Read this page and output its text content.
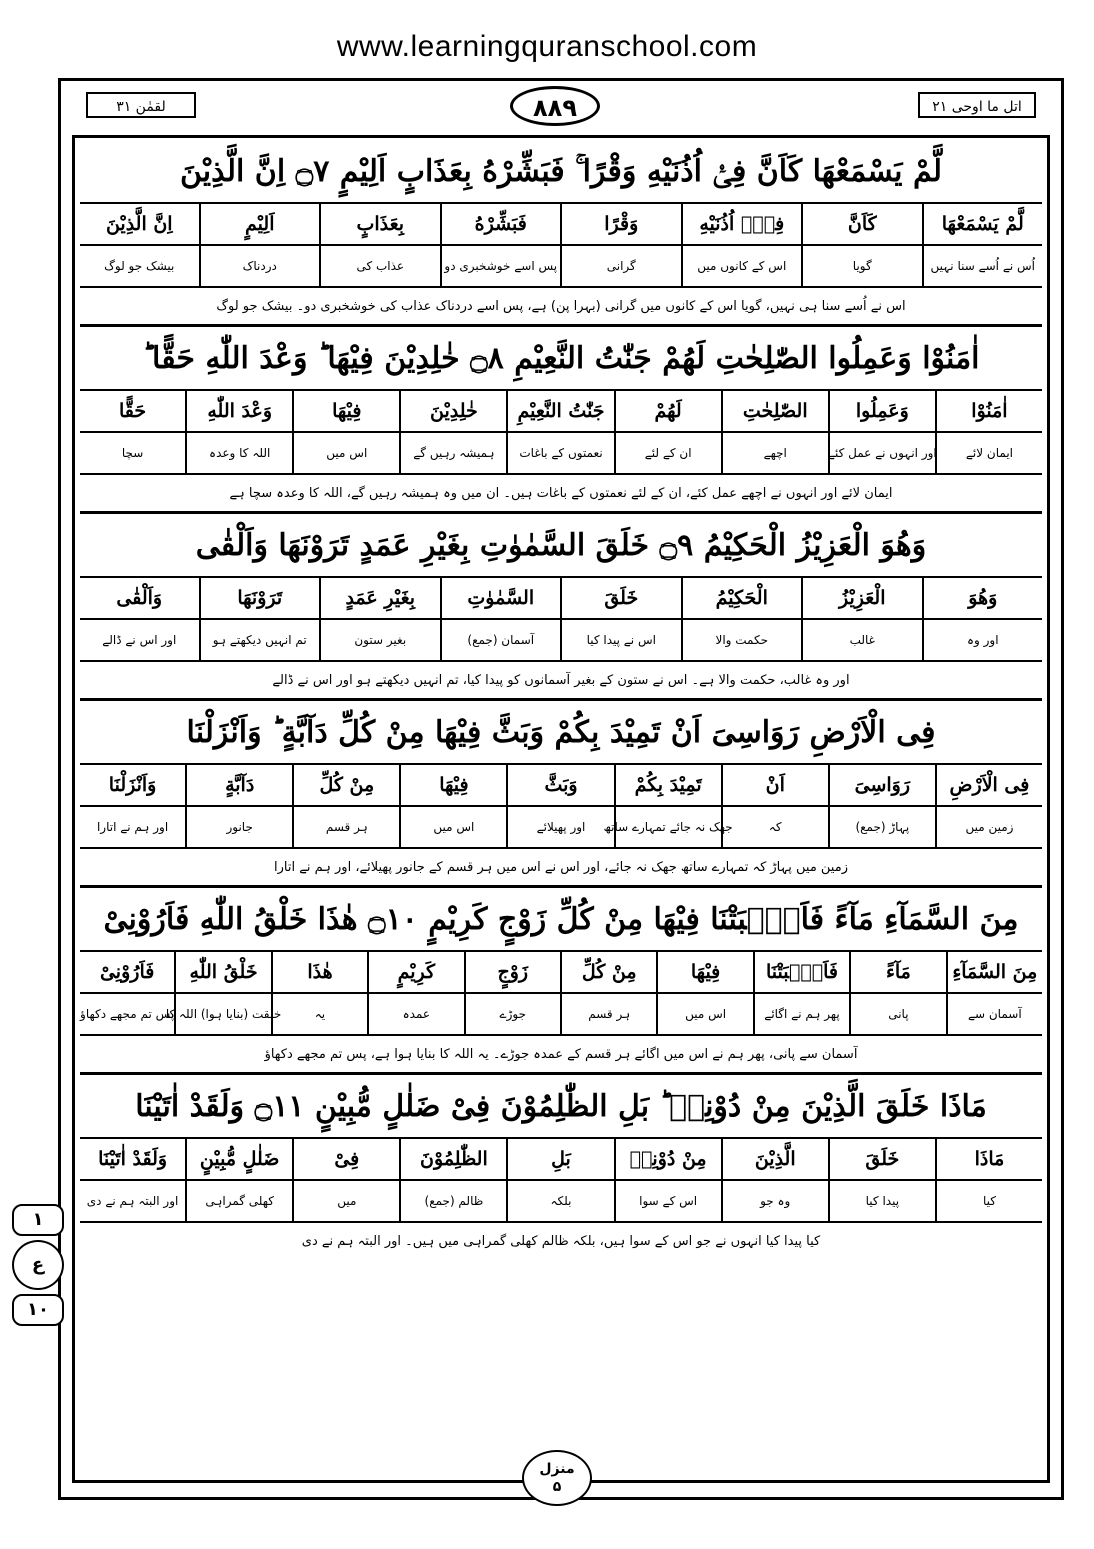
www.learningquranschool.com
لقمٰن ۳۱	۸۸۹	اتل ما اوحی ۲۱
۱
ع
۱۰
لَّمْ یَسْمَعْهَا كَاَنَّ فِیْۤ اُذُنَیْهِ وَقْرًا ۚ فَبَشِّرْهُ بِعَذَابٍ اَلِیْمٍ ۝۷ اِنَّ الَّذِیْنَ
لَّمْ یَسْمَعْهَا
كَاَنَّ
فِیْۤ اُذُنَیْهِ
وَقْرًا
فَبَشِّرْهُ
بِعَذَابٍ
اَلِیْمٍ
اِنَّ الَّذِیْنَ
اُس نے اُسے سنا نہیں
گویا
اس کے کانوں میں
گرانی
پس اسے خوشخبری دو
عذاب کی
دردناک
بیشک جو لوگ
اس نے اُسے سنا ہی نہیں، گویا اس کے کانوں میں گرانی (بہرا پن) ہے، پس اسے دردناک عذاب کی خوشخبری دو۔ بیشک جو لوگ
اٰمَنُوْا وَعَمِلُوا الصّٰلِحٰتِ لَهُمْ جَنّٰتُ النَّعِیْمِ ۝۸ خٰلِدِیْنَ فِیْهَا ؕ وَعْدَ اللّٰهِ حَقًّا ؕ
اٰمَنُوْا
وَعَمِلُوا
الصّٰلِحٰتِ
لَهُمْ
جَنّٰتُ النَّعِیْمِ
خٰلِدِیْنَ
فِیْهَا
وَعْدَ اللّٰهِ
حَقًّا
ایمان لائے
اور انہوں نے عمل کئے
اچھے
ان کے لئے
نعمتوں کے باغات
ہمیشہ رہیں گے
اس میں
اللہ کا وعدہ
سچا
ایمان لائے اور انہوں نے اچھے عمل کئے، ان کے لئے نعمتوں کے باغات ہیں۔ ان میں وہ ہمیشہ رہیں گے، اللہ کا وعدہ سچا ہے
وَهُوَ الْعَزِیْزُ الْحَكِیْمُ ۝۹ خَلَقَ السَّمٰوٰتِ بِغَیْرِ عَمَدٍ تَرَوْنَهَا وَاَلْقٰى
وَهُوَ
الْعَزِیْزُ
الْحَكِیْمُ
خَلَقَ
السَّمٰوٰتِ
بِغَیْرِ عَمَدٍ
تَرَوْنَهَا
وَاَلْقٰى
اور وہ
غالب
حکمت والا
اس نے پیدا کیا
آسمان (جمع)
بغیر ستون
تم انہیں دیکھتے ہو
اور اس نے ڈالے
اور وہ غالب، حکمت والا ہے۔ اس نے ستون کے بغیر آسمانوں کو پیدا کیا، تم انہیں دیکھتے ہو اور اس نے ڈالے
فِی الْاَرْضِ رَوَاسِیَ اَنْ تَمِیْدَ بِكُمْ وَبَثَّ فِیْهَا مِنْ كُلِّ دَآبَّةٍ ؕ وَاَنْزَلْنَا
فِی الْاَرْضِ
رَوَاسِیَ
اَنْ
تَمِیْدَ بِكُمْ
وَبَثَّ
فِیْهَا
مِنْ كُلِّ
دَآبَّةٍ
وَاَنْزَلْنَا
زمین میں
پہاڑ (جمع)
کہ
جھک نہ جائے تمہارے ساتھ
اور پھیلائے
اس میں
ہر قسم
جانور
اور ہم نے اتارا
زمین میں پہاڑ کہ تمہارے ساتھ جھک نہ جائے، اور اس نے اس میں ہر قسم کے جانور پھیلائے، اور ہم نے اتارا
مِنَ السَّمَآءِ مَآءً فَاَنْۢبَتْنَا فِیْهَا مِنْ كُلِّ زَوْجٍ كَرِیْمٍ ۝۱۰ هٰذَا خَلْقُ اللّٰهِ فَاَرُوْنِیْ
مِنَ السَّمَآءِ
مَآءً
فَاَنْۢبَتْنَا
فِیْهَا
مِنْ كُلِّ
زَوْجٍ
كَرِیْمٍ
هٰذَا
خَلْقُ اللّٰهِ
فَاَرُوْنِیْ
آسمان سے
پانی
پھر ہم نے اگائے
اس میں
ہر قسم
جوڑے
عمدہ
یہ
خلقت (بنایا ہوا) اللہ کا
پس تم مجھے دکھاؤ
آسمان سے پانی، پھر ہم نے اس میں اگائے ہر قسم کے عمدہ جوڑے۔ یہ اللہ کا بنایا ہوا ہے، پس تم مجھے دکھاؤ
مَاذَا خَلَقَ الَّذِیْنَ مِنْ دُوْنِهٖ ؕ بَلِ الظّٰلِمُوْنَ فِیْ ضَلٰلٍ مُّبِیْنٍ ۝۱۱ وَلَقَدْ اٰتَیْنَا
مَاذَا
خَلَقَ
الَّذِیْنَ
مِنْ دُوْنِهٖ
بَلِ
الظّٰلِمُوْنَ
فِیْ
ضَلٰلٍ مُّبِیْنٍ
وَلَقَدْ اٰتَیْنَا
کیا
پیدا کیا
وہ جو
اس کے سوا
بلکہ
ظالم (جمع)
میں
کھلی گمراہی
اور البتہ ہم نے دی
کیا پیدا کیا انہوں نے جو اس کے سوا ہیں، بلکہ ظالم کھلی گمراہی میں ہیں۔ اور البتہ ہم نے دی
منزل
۵
